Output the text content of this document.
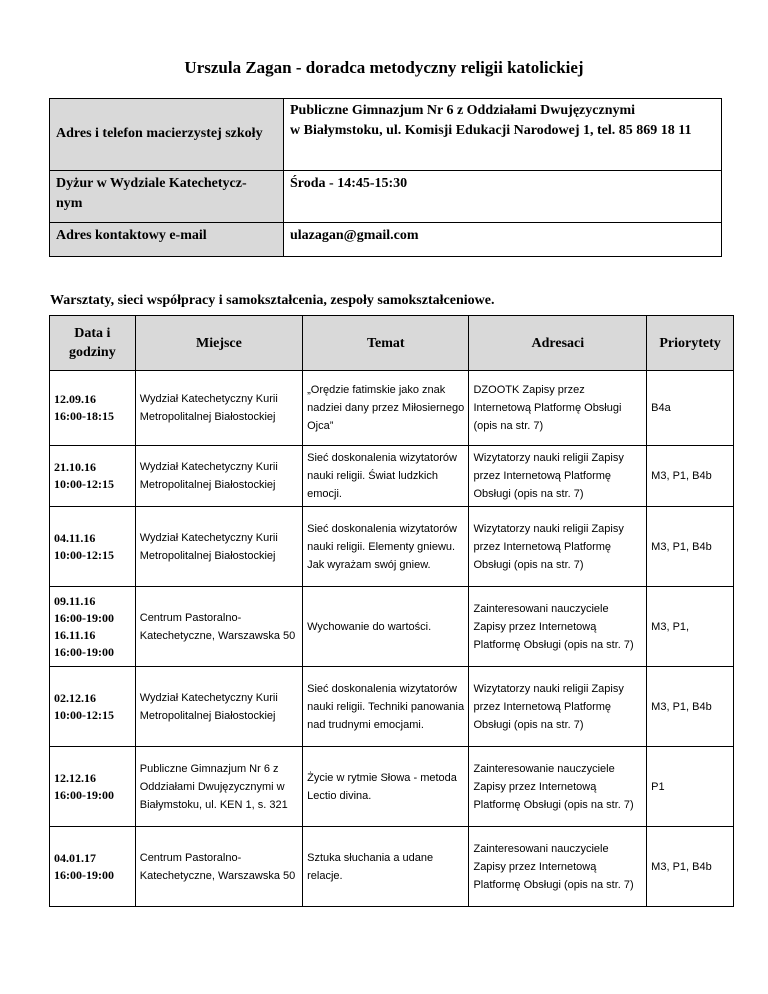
Urszula Zagan - doradca metodyczny religii katolickiej
Adres i telefon macierzystej szkoły	Publiczne Gimnazjum Nr 6 z Oddziałami Dwujęzycznymi
w Białymstoku, ul. Komisji Edukacji Narodowej 1, tel. 85 869 18 11
Dyżur w Wydziale Katechetycz-
nym	Środa - 14:45-15:30
Adres kontaktowy e-mail	ulazagan@gmail.com
Warsztaty, sieci współpracy i samokształcenia, zespoły samokształceniowe.
Data i godziny	Miejsce	Temat	Adresaci	Priorytety
12.09.16
16:00-18:15	Wydział Katechetyczny Kurii Metropolitalnej Białostockiej	„Orędzie fatimskie jako znak nadziei dany przez Miłosiernego Ojca”	DZOOTK Zapisy przez Internetową Platformę Obsługi (opis na str. 7)	B4a
21.10.16
10:00-12:15	Wydział Katechetyczny Kurii Metropolitalnej Białostockiej	Sieć doskonalenia wizytatorów nauki religii. Świat ludzkich emocji.	Wizytatorzy nauki religii Zapisy przez Internetową Platformę Obsługi (opis na str. 7)	M3, P1, B4b
04.11.16
10:00-12:15	Wydział Katechetyczny Kurii Metropolitalnej Białostockiej	Sieć doskonalenia wizytatorów nauki religii. Elementy gniewu. Jak wyrażam swój gniew.	Wizytatorzy nauki religii Zapisy przez Internetową Platformę Obsługi (opis na str. 7)	M3, P1, B4b
09.11.16
16:00-19:00
16.11.16
16:00-19:00	Centrum Pastoralno-Katechetyczne, Warszawska 50	Wychowanie do wartości.	Zainteresowani nauczyciele Zapisy przez Internetową Platformę Obsługi (opis na str. 7)	M3, P1,
02.12.16
10:00-12:15	Wydział Katechetyczny Kurii Metropolitalnej Białostockiej	Sieć doskonalenia wizytatorów nauki religii. Techniki panowania nad trudnymi emocjami.	Wizytatorzy nauki religii Zapisy przez Internetową Platformę Obsługi (opis na str. 7)	M3, P1, B4b
12.12.16
16:00-19:00	Publiczne Gimnazjum Nr 6 z Oddziałami Dwujęzycznymi w Białymstoku, ul. KEN 1, s. 321	Życie w rytmie Słowa - metoda Lectio divina.	Zainteresowanie nauczyciele Zapisy przez Internetową Platformę Obsługi (opis na str. 7)	P1
04.01.17
16:00-19:00	Centrum Pastoralno-Katechetyczne, Warszawska 50	Sztuka słuchania a udane relacje.	Zainteresowani nauczyciele Zapisy przez Internetową Platformę Obsługi (opis na str. 7)	M3, P1, B4b
